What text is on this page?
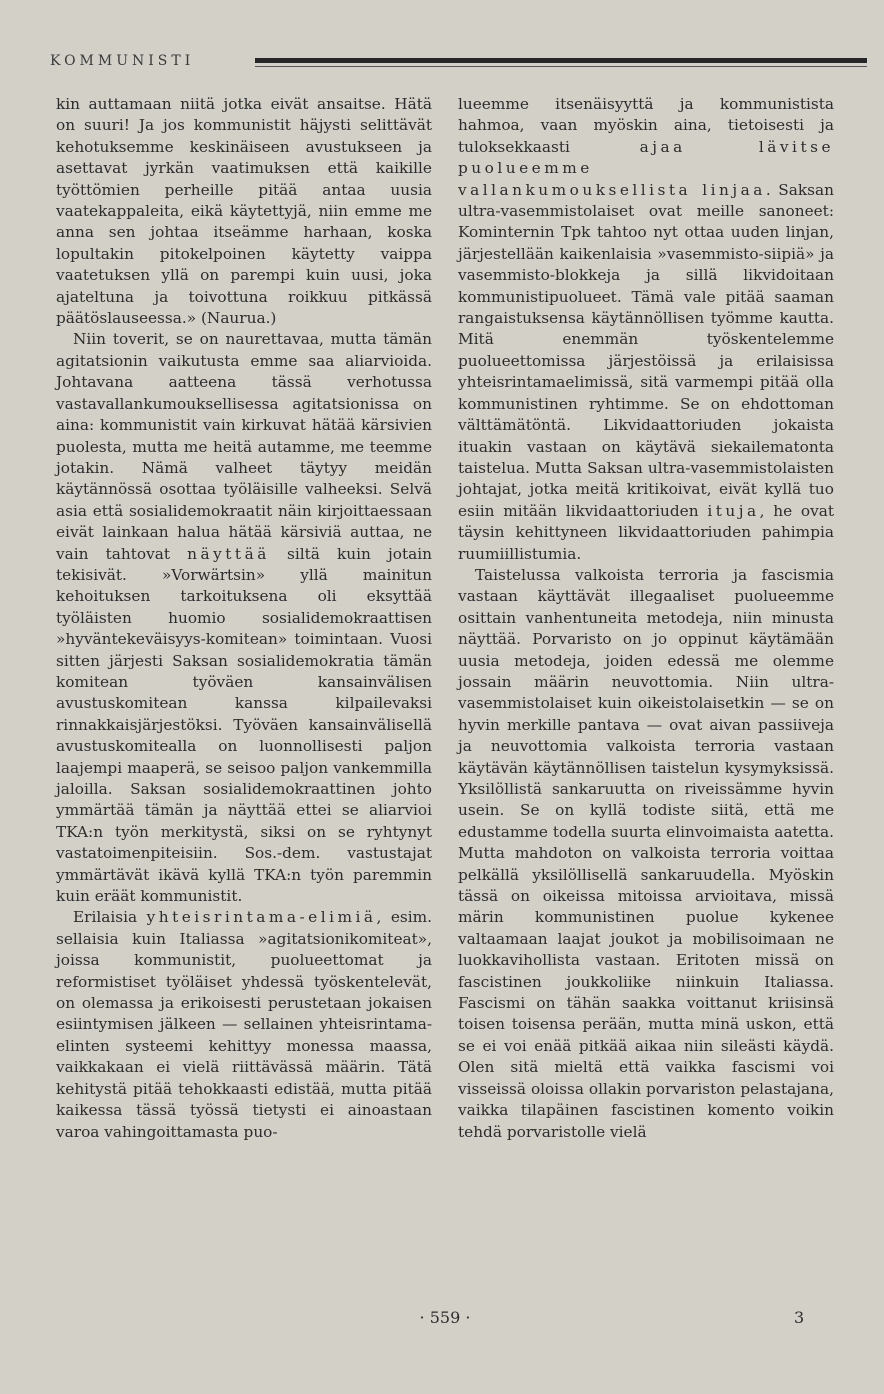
KOMMUNISTI

kin auttamaan niitä jotka eivät ansaitse. Hätä on suuri! Ja jos kommunistit häjysti selittävät kehotuksemme keskinäiseen avustukseen ja asettavat jyrkän vaatimuksen että kaikille työttömien perheille pitää antaa uusia vaatekappaleita, eikä käytettyjä, niin emme me anna sen johtaa itseämme harhaan, koska lopultakin pitokelpoinen käytetty vaippa vaatetuksen yllä on parempi kuin uusi, joka ajateltuna ja toivottuna roikkuu pitkässä päätöslauseessa.» (Naurua.)

Niin toverit, se on naurettavaa, mutta tämän agitatsionin vaikutusta emme saa aliarvioida. Johtavana aatteena tässä verhotussa vastavallankumouksellisessa agitatsionissa on aina: kommunistit vain kirkuvat hätää kärsivien puolesta, mutta me heitä autamme, me teemme jotakin. Nämä valheet täytyy meidän käytännössä osottaa työläisille valheeksi. Selvä asia että sosialidemokraatit näin kirjoittaessaan eivät lainkaan halua hätää kärsiviä auttaa, ne vain tahtovat näyttää siltä kuin jotain tekisivät. »Vorwärtsin» yllä mainitun kehoituksen tarkoituksena oli eksyttää työläisten huomio sosialidemokraattisen »hyväntekeväisyys-komitean» toimintaan. Vuosi sitten järjesti Saksan sosialidemokratia tämän komitean työväen kansainvälisen avustuskomitean kanssa kilpailevaksi rinnakkaisjärjestöksi. Työväen kansainvälisellä avustuskomitealla on luonnollisesti paljon laajempi maaperä, se seisoo paljon vankemmilla jaloilla. Saksan sosialidemokraattinen johto ymmärtää tämän ja näyttää ettei se aliarvioi TKA:n työn merkitystä, siksi on se ryhtynyt vastatoimenpiteisiin. Sos.-dem. vastustajat ymmärtävät ikävä kyllä TKA:n työn paremmin kuin eräät kommunistit.

Erilaisia yhteisrintama-elimiä, esim. sellaisia kuin Italiassa »agitatsionikomiteat», joissa kommunistit, puolueettomat ja reformistiset työläiset yhdessä työskentelevät, on olemassa ja erikoisesti perustetaan jokaisen esiintymisen jälkeen — sellainen yhteisrintama-elinten systeemi kehittyy monessa maassa, vaikkakaan ei vielä riittävässä määrin. Tätä kehitystä pitää tehokkaasti edistää, mutta pitää kaikessa tässä työssä tietysti ei ainoastaan varoa vahingoittamasta puo-

lueemme itsenäisyyttä ja kommunistista hahmoa, vaan myöskin aina, tietoisesti ja tuloksekkaasti ajaa lävitse puolueemme vallankumouksellista linjaa. Saksan ultra-vasemmistolaiset ovat meille sanoneet: Kominternin Tpk tahtoo nyt ottaa uuden linjan, järjestellään kaikenlaisia »vasemmisto-siipiä» ja vasemmisto-blokkeja ja sillä likvidoitaan kommunistipuolueet. Tämä vale pitää saaman rangaistuksensa käytännöllisen työmme kautta. Mitä enemmän työskentelemme puolueettomissa järjestöissä ja erilaisissa yhteisrintamaelimissä, sitä varmempi pitää olla kommunistinen ryhtimme. Se on ehdottoman välttämätöntä. Likvidaattoriuden jokaista ituakin vastaan on käytävä siekailematonta taistelua. Mutta Saksan ultra-vasemmistolaisten johtajat, jotka meitä kritikoivat, eivät kyllä tuo esiin mitään likvidaattoriuden ituja, he ovat täysin kehittyneen likvidaattoriuden pahimpia ruumiillistumia.

Taistelussa valkoista terroria ja fascismia vastaan käyttävät illegaaliset puolueemme osittain vanhentuneita metodeja, niin minusta näyttää. Porvaristo on jo oppinut käytämään uusia metodeja, joiden edessä me olemme jossain määrin neuvottomia. Niin ultra-vasemmistolaiset kuin oikeistolaisetkin — se on hyvin merkille pantava — ovat aivan passiiveja ja neuvottomia valkoista terroria vastaan käytävän käytännöllisen taistelun kysymyksissä. Yksilöllistä sankaruutta on riveissämme hyvin usein. Se on kyllä todiste siitä, että me edustamme todella suurta elinvoimaista aatetta. Mutta mahdoton on valkoista terroria voittaa pelkällä yksilöllisellä sankaruudella. Myöskin tässä on oikeissa mitoissa arvioitava, missä märin kommunistinen puolue kykenee valtaamaan laajat joukot ja mobilisoimaan ne luokkavihollista vastaan. Eritoten missä on fascistinen joukkoliike niinkuin Italiassa. Fascismi on tähän saakka voittanut kriisinsä toisen toisensa perään, mutta minä uskon, että se ei voi enää pitkää aikaa niin sileästi käydä. Olen sitä mieltä että vaikka fascismi voi visseissä oloissa ollakin porvariston pelastajana, vaikka tilapäinen fascistinen komento voikin tehdä porvaristolle vielä

· 559 ·	3
